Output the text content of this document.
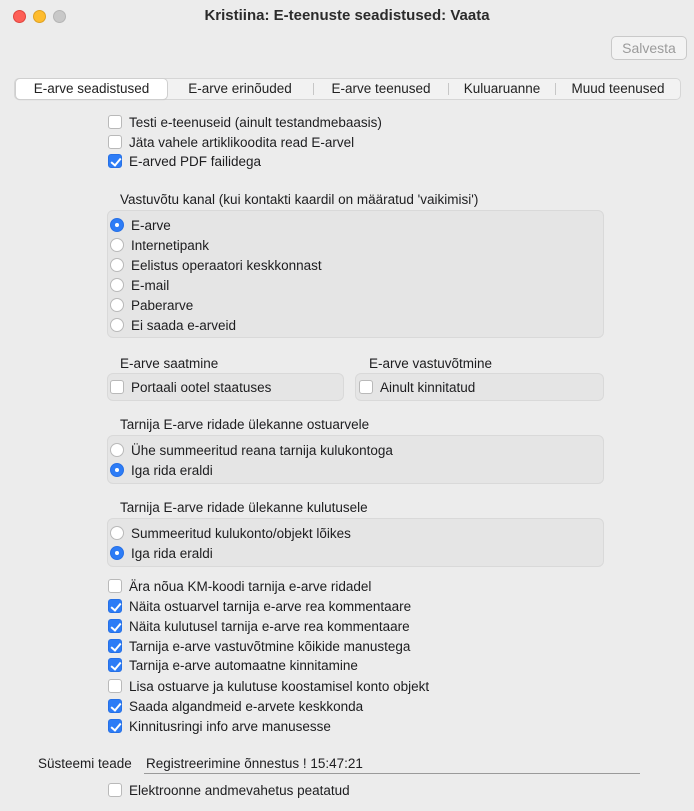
Kristiina: E-teenuste seadistused: Vaata
Salvesta
E-arve seadistused	E-arve erinõuded	E-arve teenused	Kuluaruanne	Muud teenused
Testi e-teenuseid (ainult testandmebaasis)
Jäta vahele artiklikoodita read E-arvel
E-arved PDF failidega
Vastuvõtu kanal (kui kontakti kaardil on määratud 'vaikimisi')
E-arve
Internetipank
Eelistus operaatori keskkonnast
E-mail
Paberarve
Ei saada e-arveid
E-arve saatmine
Portaali ootel staatuses
E-arve vastuvõtmine
Ainult kinnitatud
Tarnija E-arve ridade ülekanne ostuarvele
Ühe summeeritud reana tarnija kulukontoga
Iga rida eraldi
Tarnija E-arve ridade ülekanne kulutusele
Summeeritud kulukonto/objekt lõikes
Iga rida eraldi
Ära nõua KM-koodi tarnija e-arve ridadel
Näita ostuarvel tarnija e-arve rea kommentaare
Näita kulutusel tarnija e-arve rea kommentaare
Tarnija e-arve vastuvõtmine kõikide manustega
Tarnija e-arve automaatne kinnitamine
Lisa ostuarve ja kulutuse koostamisel konto objekt
Saada algandmeid e-arvete keskkonda
Kinnitusringi info arve manusesse
Süsteemi teade Registreerimine õnnestus ! 15:47:21
Elektroonne andmevahetus peatatud
